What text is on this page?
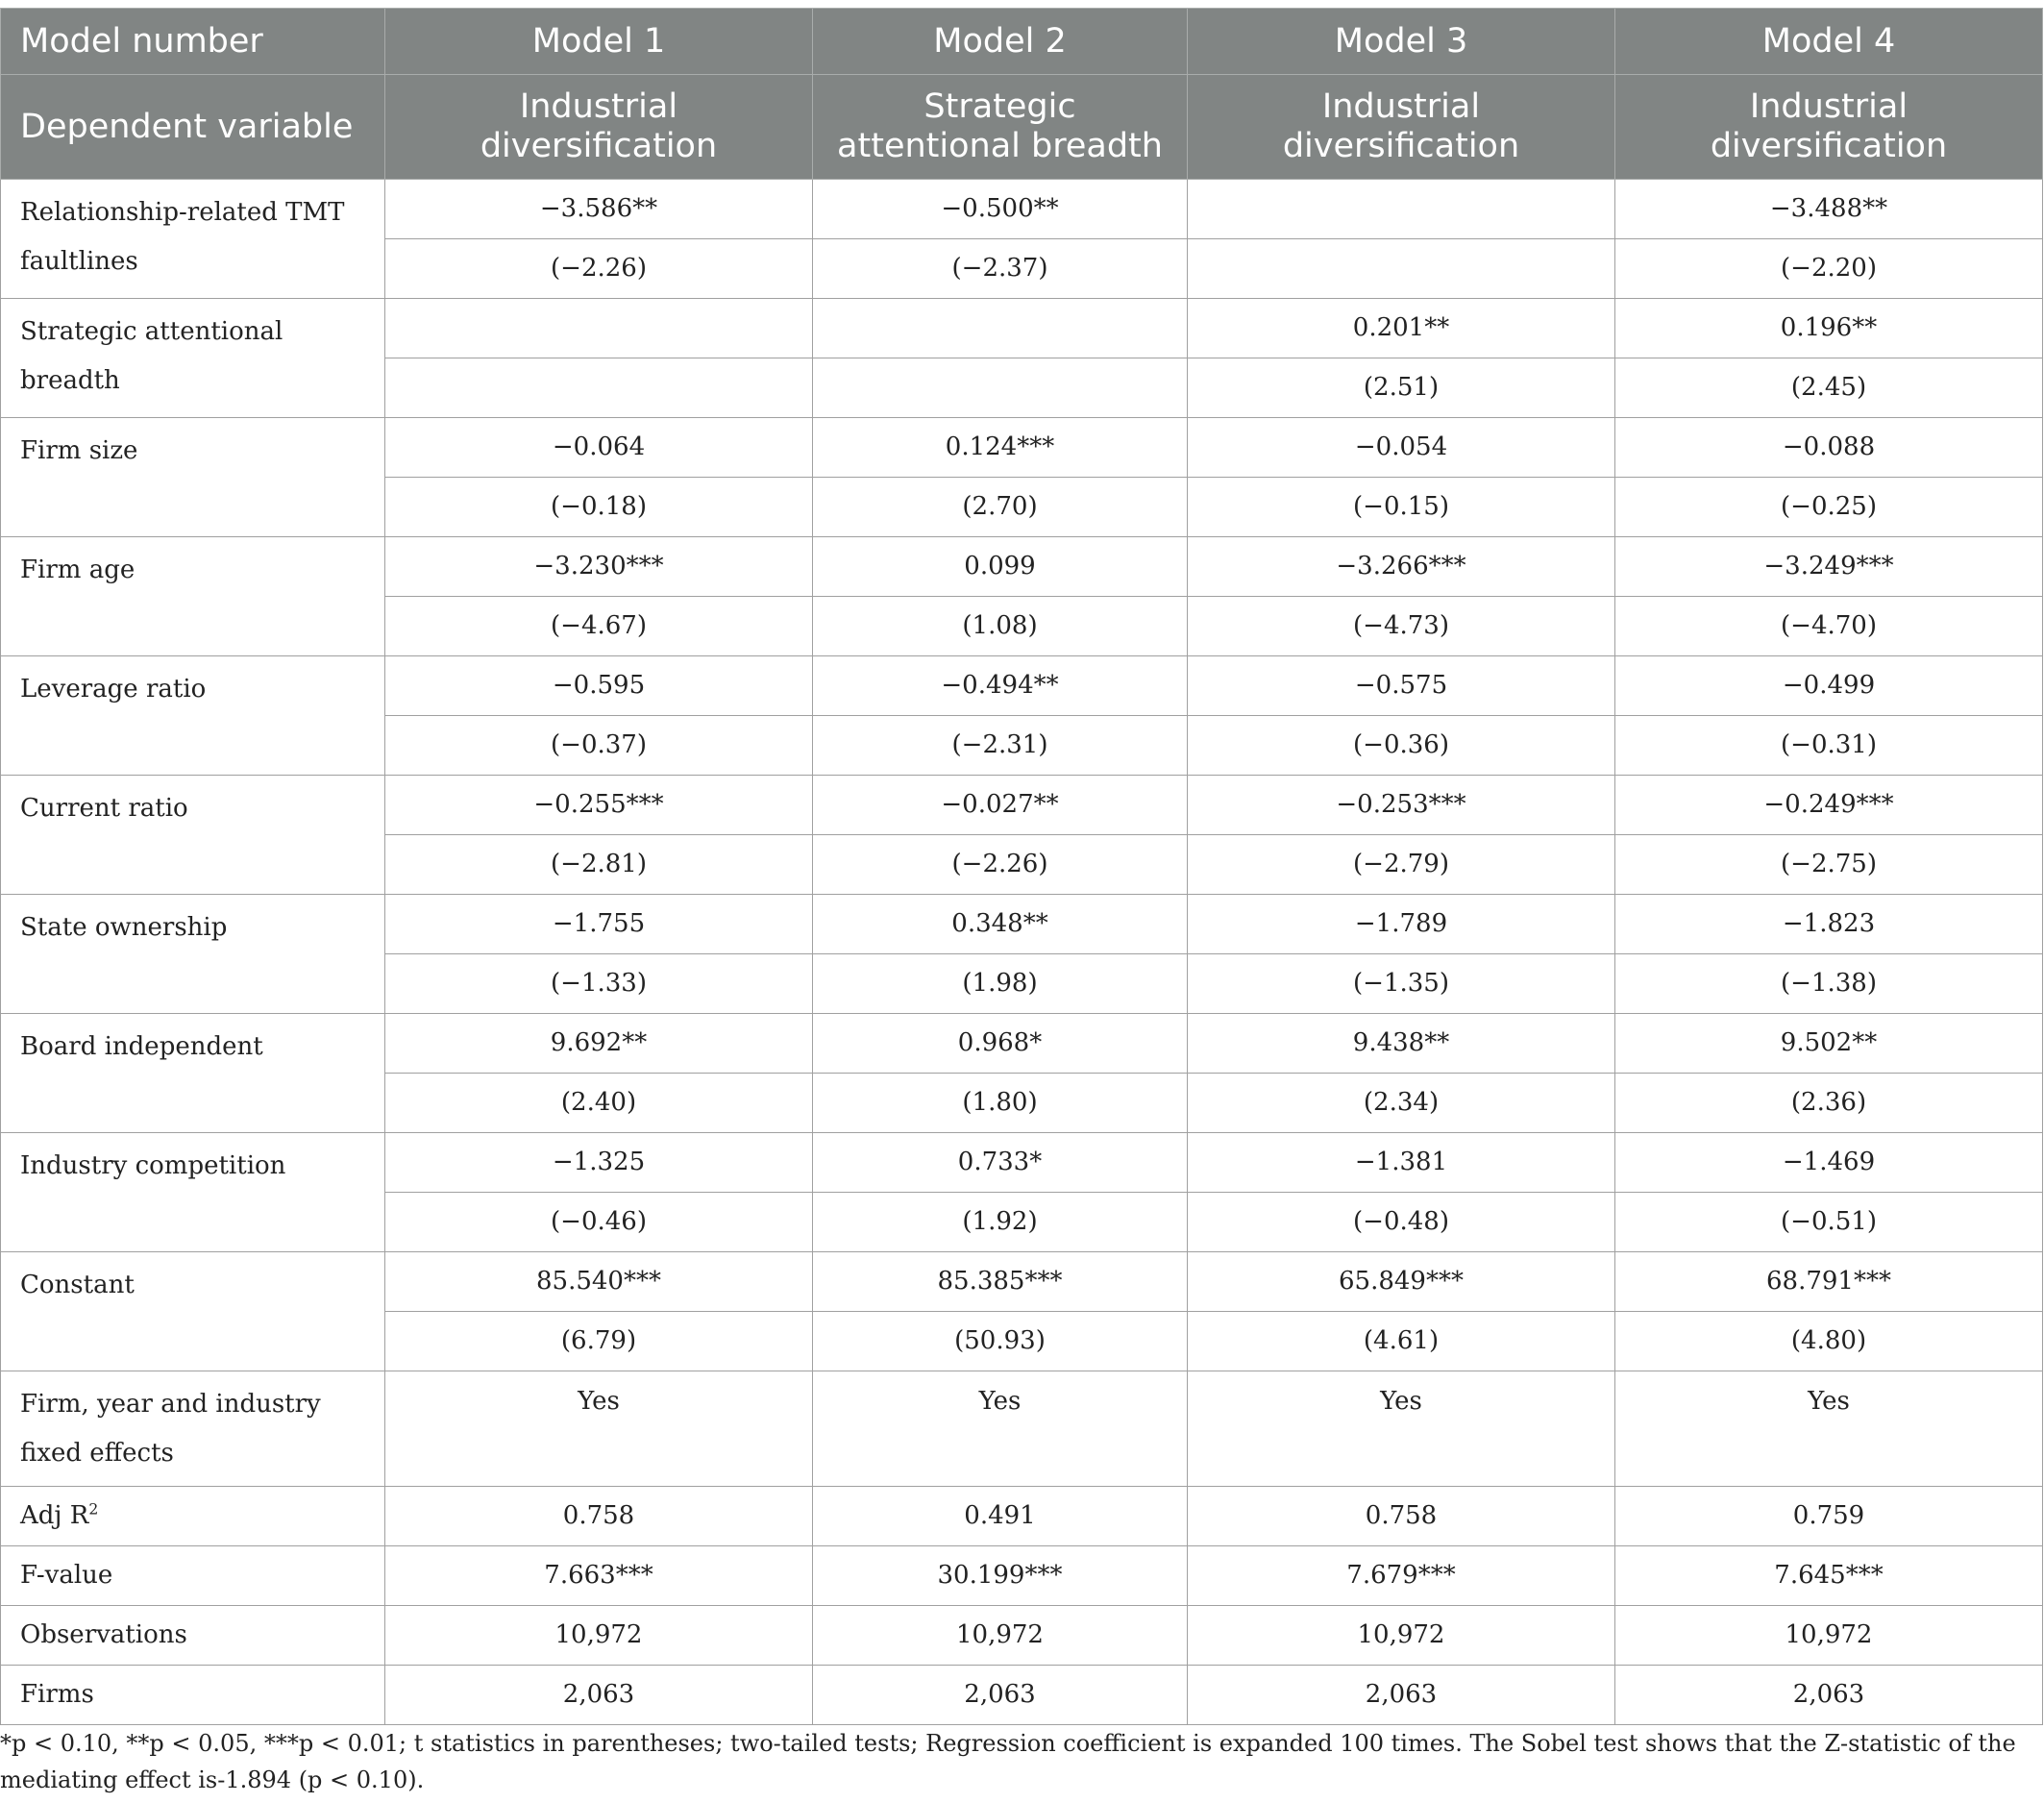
Model number	Model 1	Model 2	Model 3	Model 4
Dependent variable	Industrial diversification	Strategic attentional breadth	Industrial diversification	Industrial diversification
Relationship-related TMT faultlines	−3.586**	−0.500**		−3.488**
	(−2.26)	(−2.37)		(−2.20)
Strategic attentional breadth			0.201**	0.196**
			(2.51)	(2.45)
Firm size	−0.064	0.124***	−0.054	−0.088
	(−0.18)	(2.70)	(−0.15)	(−0.25)
Firm age	−3.230***	0.099	−3.266***	−3.249***
	(−4.67)	(1.08)	(−4.73)	(−4.70)
Leverage ratio	−0.595	−0.494**	−0.575	−0.499
	(−0.37)	(−2.31)	(−0.36)	(−0.31)
Current ratio	−0.255***	−0.027**	−0.253***	−0.249***
	(−2.81)	(−2.26)	(−2.79)	(−2.75)
State ownership	−1.755	0.348**	−1.789	−1.823
	(−1.33)	(1.98)	(−1.35)	(−1.38)
Board independent	9.692**	0.968*	9.438**	9.502**
	(2.40)	(1.80)	(2.34)	(2.36)
Industry competition	−1.325	0.733*	−1.381	−1.469
	(−0.46)	(1.92)	(−0.48)	(−0.51)
Constant	85.540***	85.385***	65.849***	68.791***
	(6.79)	(50.93)	(4.61)	(4.80)
Firm, year and industry fixed effects	Yes	Yes	Yes	Yes
Adj $R^2$	0.758	0.491	0.758	0.759
F-value	7.663***	30.199***	7.679***	7.645***
Observations	10,972	10,972	10,972	10,972
Firms	2,063	2,063	2,063	2,063

*p < 0.10, **p < 0.05, ***p < 0.01; t statistics in parentheses; two-tailed tests; Regression coefficient is expanded 100 times. The Sobel test shows that the Z-statistic of the mediating effect is-1.894 (p < 0.10).
